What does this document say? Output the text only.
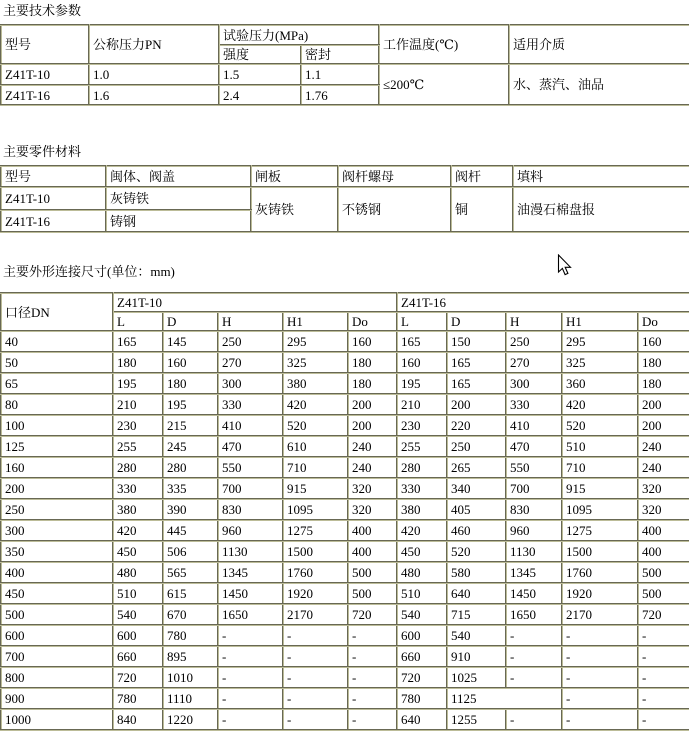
主要技术参数
型号	公称压力PN	试验压力(MPa)		工作温度(℃)	适用介质
		强度	密封		
Z41T-10	1.0	1.5	1.1	≤200℃	水、蒸汽、油品
Z41T-16	1.6	2.4	1.76		
主要零件材料
型号	闽体、阀盖	闸板	阀杆螺母	阀杆	填料
Z41T-10	灰铸铁	灰铸铁	不锈钢	铜	油漫石棉盘报
Z41T-16	铸钢				
主要外形连接尺寸(单位：mm)
口径DN	Z41T-10					Z41T-16				
	L	D	H	H1	Do	L	D	H	H1	Do
40	165	145	250	295	160	165	150	250	295	160
50	180	160	270	325	180	160	165	270	325	180
65	195	180	300	380	180	195	165	300	360	180
80	210	195	330	420	200	210	200	330	420	200
100	230	215	410	520	200	230	220	410	520	200
125	255	245	470	610	240	255	250	470	510	240
160	280	280	550	710	240	280	265	550	710	240
200	330	335	700	915	320	330	340	700	915	320
250	380	390	830	1095	320	380	405	830	1095	320
300	420	445	960	1275	400	420	460	960	1275	400
350	450	506	1130	1500	400	450	520	1130	1500	400
400	480	565	1345	1760	500	480	580	1345	1760	500
450	510	615	1450	1920	500	510	640	1450	1920	500
500	540	670	1650	2170	720	540	715	1650	2170	720
600	600	780	-	-	-	600	540	-	-	-
700	660	895	-	-	-	660	910	-	-	-
800	720	1010	-	-	-	720	1025	-	-	-
900	780	1110	-	-	-	780	1125		-	-
1000	840	1220	-	-	-	640	1255	-	-	-
